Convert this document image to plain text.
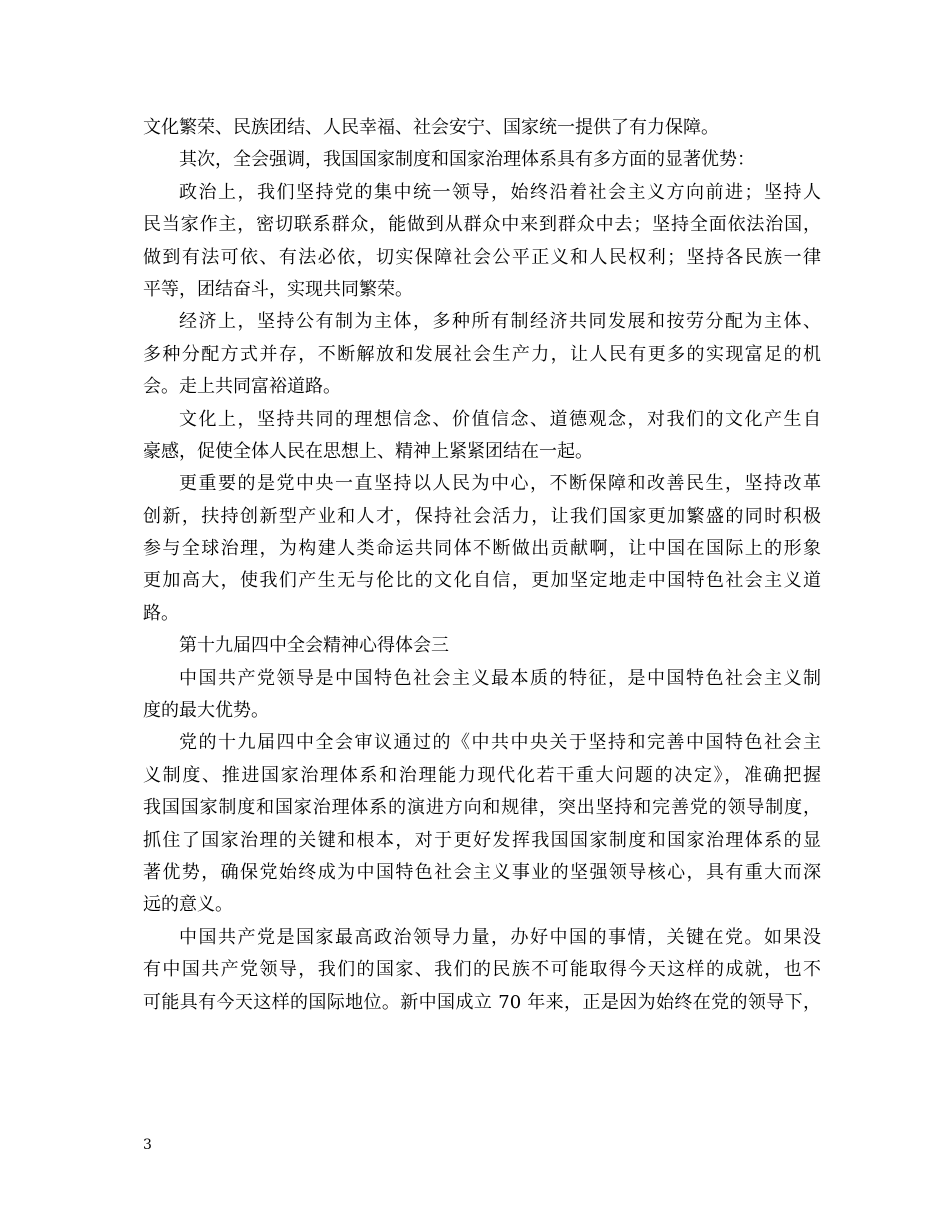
文化繁荣、民族团结、人民幸福、社会安宁、国家统一提供了有力保障。
其次，全会强调，我国国家制度和国家治理体系具有多方面的显著优势：
政治上，我们坚持党的集中统一领导，始终沿着社会主义方向前进；坚持人
民当家作主，密切联系群众，能做到从群众中来到群众中去；坚持全面依法治国，
做到有法可依、有法必依，切实保障社会公平正义和人民权利；坚持各民族一律
平等，团结奋斗，实现共同繁荣。
经济上，坚持公有制为主体，多种所有制经济共同发展和按劳分配为主体、
多种分配方式并存，不断解放和发展社会生产力，让人民有更多的实现富足的机
会。走上共同富裕道路。
文化上，坚持共同的理想信念、价值信念、道德观念，对我们的文化产生自
豪感，促使全体人民在思想上、精神上紧紧团结在一起。
更重要的是党中央一直坚持以人民为中心，不断保障和改善民生，坚持改革
创新，扶持创新型产业和人才，保持社会活力，让我们国家更加繁盛的同时积极
参与全球治理，为构建人类命运共同体不断做出贡献啊，让中国在国际上的形象
更加高大，使我们产生无与伦比的文化自信，更加坚定地走中国特色社会主义道
路。
第十九届四中全会精神心得体会三
中国共产党领导是中国特色社会主义最本质的特征，是中国特色社会主义制
度的最大优势。
党的十九届四中全会审议通过的《中共中央关于坚持和完善中国特色社会主
义制度、推进国家治理体系和治理能力现代化若干重大问题的决定》，准确把握
我国国家制度和国家治理体系的演进方向和规律，突出坚持和完善党的领导制度，
抓住了国家治理的关键和根本，对于更好发挥我国国家制度和国家治理体系的显
著优势，确保党始终成为中国特色社会主义事业的坚强领导核心，具有重大而深
远的意义。
中国共产党是国家最高政治领导力量，办好中国的事情，关键在党。如果没
有中国共产党领导，我们的国家、我们的民族不可能取得今天这样的成就，也不
可能具有今天这样的国际地位。新中国成立 70 年来，正是因为始终在党的领导下，
3
